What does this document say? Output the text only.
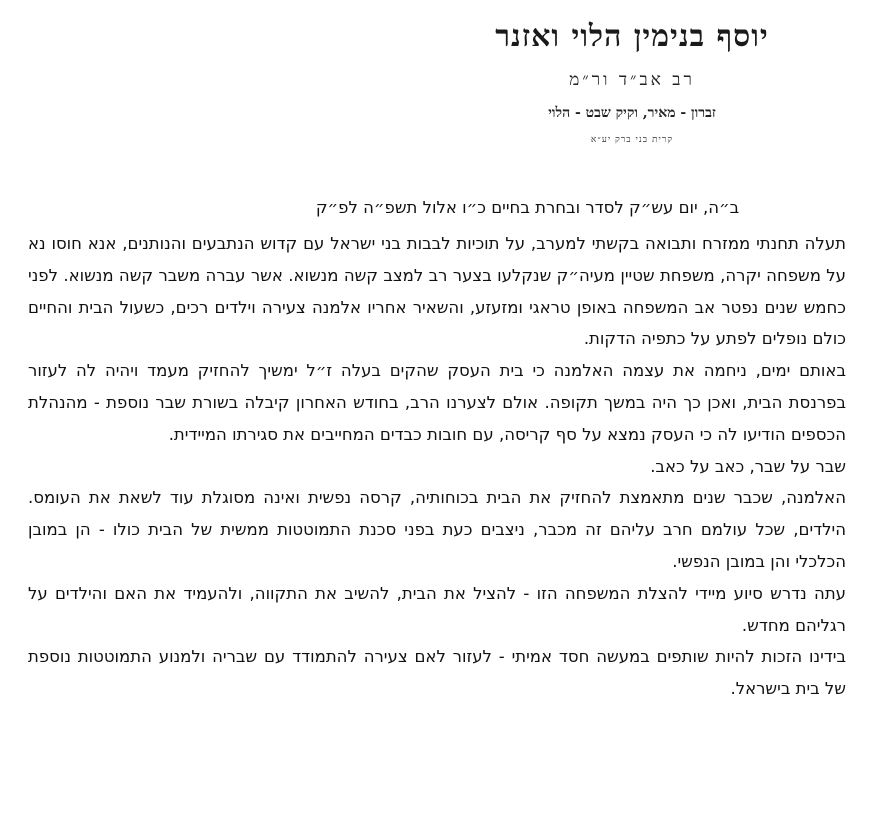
יוסף בנימין הלוי ואזנר
רב אב״ד ור״מ
זברון - מאיר, וקיק שבט - הלוי
קרית בני ברק יע״א
ב״ה, יום עש״ק לסדר ובחרת בחיים כ״ו אלול תשפ״ה לפ״ק

תעלה תחנתי ממזרח ותבואה בקשתי למערב, על תוכיות לבבות בני ישראל עם קדוש הנתבעים והנותנים, אנא חוסו נא על משפחה יקרה, משפחת שטיין מעיה״ק שנקלעו בצער רב למצב קשה מנשוא. אשר עברה משבר קשה מנשוא. לפני כחמש שנים נפטר אב המשפחה באופן טראגי ומזעזע, והשאיר אחריו אלמנה צעירה וילדים רכים, כשעול הבית והחיים כולם נופלים לפתע על כתפיה הדקות.

באותם ימים, ניחמה את עצמה האלמנה כי בית העסק שהקים בעלה ז״ל ימשיך להחזיק מעמד ויהיה לה לעזור בפרנסת הבית, ואכן כך היה במשך תקופה. אולם לצערנו הרב, בחודש האחרון קיבלה בשורת שבר נוספת - מהנהלת הכספים הודיעו לה כי העסק נמצא על סף קריסה, עם חובות כבדים המחייבים את סגירתו המיידית.

שבר על שבר, כאב על כאב.

האלמנה, שכבר שנים מתאמצת להחזיק את הבית בכוחותיה, קרסה נפשית ואינה מסוגלת עוד לשאת את העומס. הילדים, שכל עולמם חרב עליהם זה מכבר, ניצבים כעת בפני סכנת התמוטטות ממשית של הבית כולו - הן במובן הכלכלי והן במובן הנפשי.

עתה נדרש סיוע מיידי להצלת המשפחה הזו - להציל את הבית, להשיב את התקווה, ולהעמיד את האם והילדים על רגליהם מחדש.

בידינו הזכות להיות שותפים במעשה חסד אמיתי - לעזור לאם צעירה להתמודד עם שבריה ולמנוע התמוטטות נוספת של בית בישראל.
